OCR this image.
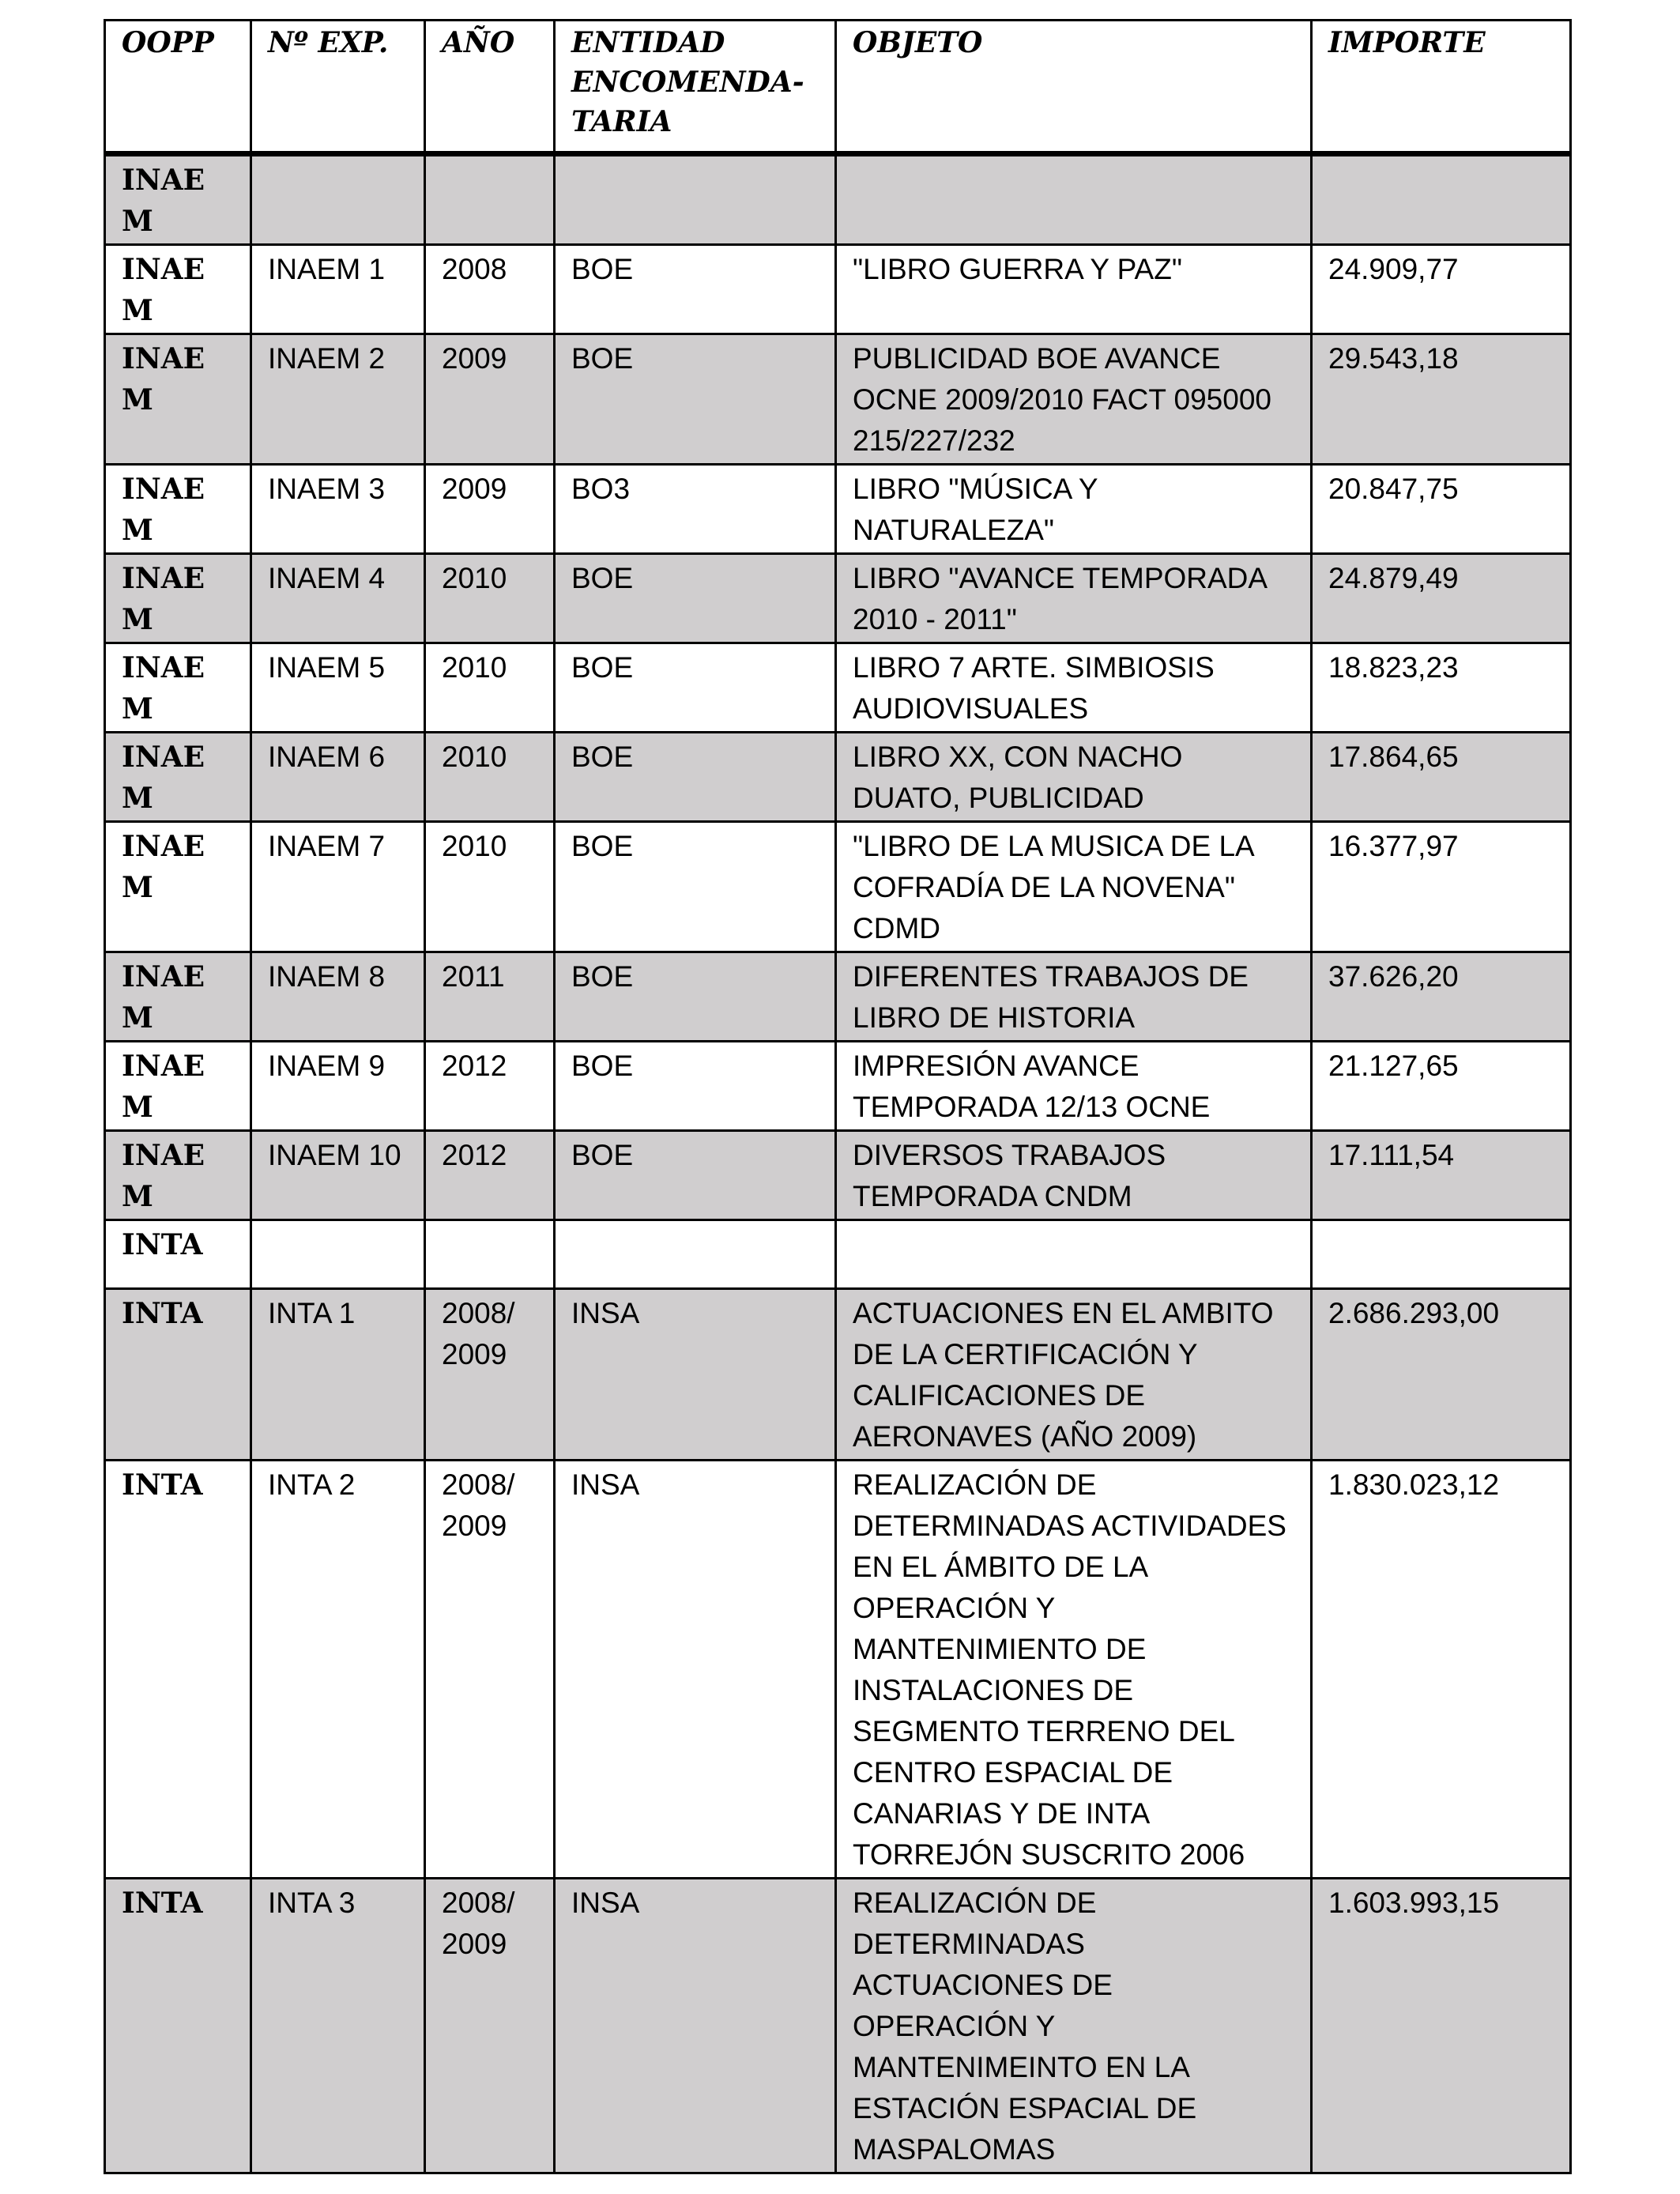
OOPP	Nº EXP.	AÑO	ENTIDAD ENCOMENDA-TARIA	OBJETO	IMPORTE
INAEM					
INAEM	INAEM 1	2008	BOE	"LIBRO GUERRA Y PAZ"	24.909,77
INAEM	INAEM 2	2009	BOE	PUBLICIDAD BOE AVANCE OCNE 2009/2010 FACT 095000 215/227/232	29.543,18
INAEM	INAEM 3	2009	BO3	LIBRO "MÚSICA Y NATURALEZA"	20.847,75
INAEM	INAEM 4	2010	BOE	LIBRO "AVANCE TEMPORADA 2010 - 2011"	24.879,49
INAEM	INAEM 5	2010	BOE	LIBRO 7 ARTE. SIMBIOSIS AUDIOVISUALES	18.823,23
INAEM	INAEM 6	2010	BOE	LIBRO XX, CON NACHO DUATO, PUBLICIDAD	17.864,65
INAEM	INAEM 7	2010	BOE	"LIBRO DE LA MUSICA DE LA COFRADÍA DE LA NOVENA" CDMD	16.377,97
INAEM	INAEM 8	2011	BOE	DIFERENTES TRABAJOS DE LIBRO DE HISTORIA	37.626,20
INAEM	INAEM 9	2012	BOE	IMPRESIÓN AVANCE TEMPORADA 12/13 OCNE	21.127,65
INAEM	INAEM 10	2012	BOE	DIVERSOS TRABAJOS TEMPORADA CNDM	17.111,54
INTA					
INTA	INTA 1	2008/ 2009	INSA	ACTUACIONES EN EL AMBITO DE LA CERTIFICACIÓN Y CALIFICACIONES DE AERONAVES (AÑO 2009)	2.686.293,00
INTA	INTA 2	2008/ 2009	INSA	REALIZACIÓN DE DETERMINADAS ACTIVIDADES EN EL ÁMBITO DE LA OPERACIÓN Y MANTENIMIENTO DE INSTALACIONES DE SEGMENTO TERRENO DEL CENTRO ESPACIAL DE CANARIAS Y DE INTA TORREJÓN SUSCRITO 2006	1.830.023,12
INTA	INTA 3	2008/ 2009	INSA	REALIZACIÓN DE DETERMINADAS ACTUACIONES DE OPERACIÓN Y MANTENIMEINTO EN LA ESTACIÓN ESPACIAL DE MASPALOMAS	1.603.993,15
